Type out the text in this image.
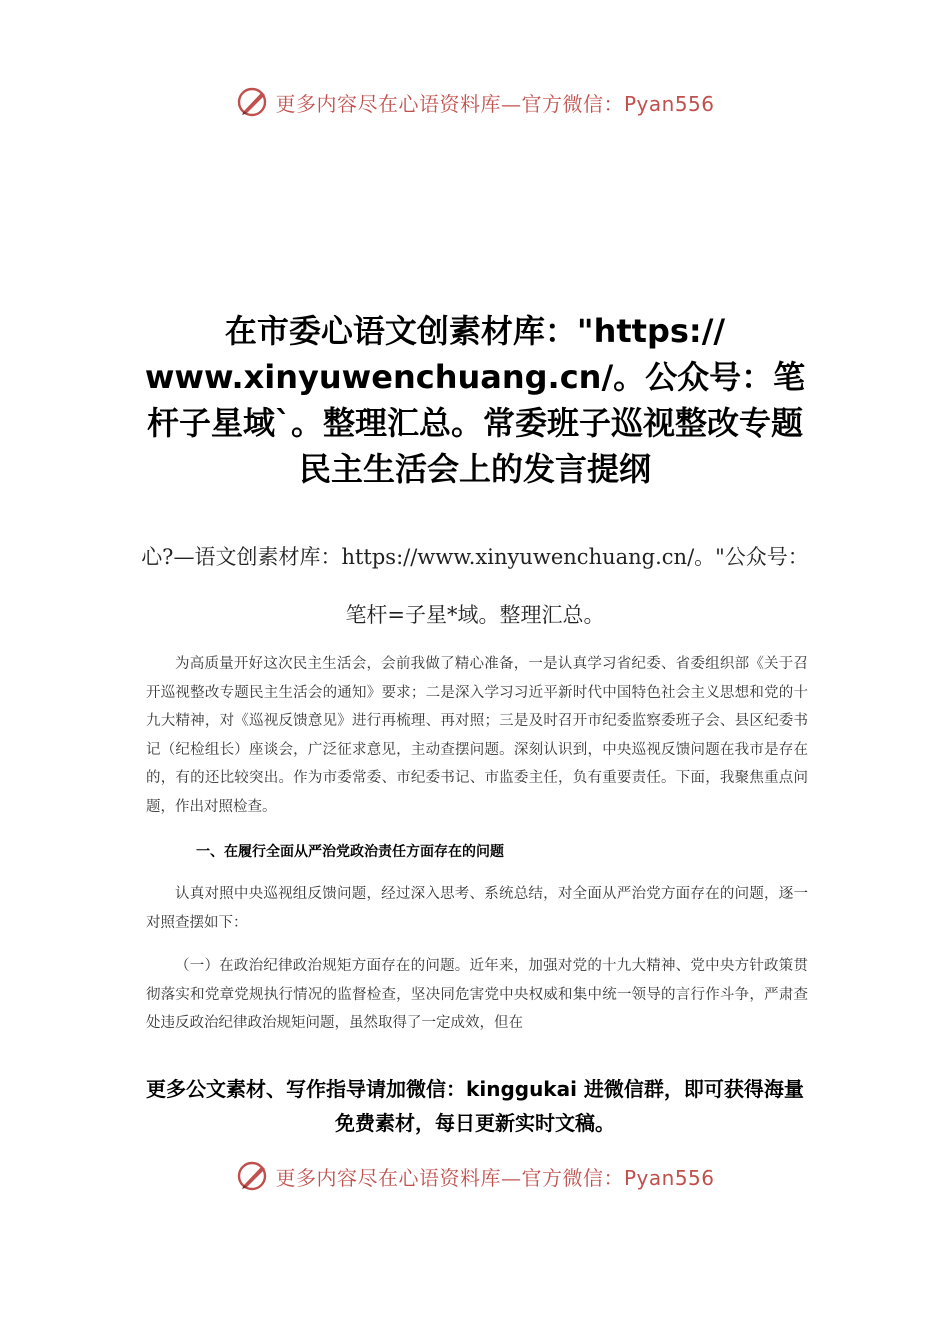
更多内容尽在心语资料库—官方微信：Pyan556
在市委心语文创素材库："https:// www.xinyuwenchuang.cn/。公众号：笔杆子星域`。整理汇总。常委班子巡视整改专题民主生活会上的发言提纲

心?—语文创素材库：https://www.xinyuwenchuang.cn/。"公众号：笔杆=子星*域。整理汇总。

为高质量开好这次民主生活会，会前我做了精心准备，一是认真学习省纪委、省委组织部《关于召开巡视整改专题民主生活会的通知》要求；二是深入学习习近平新时代中国特色社会主义思想和党的十九大精神，对《巡视反馈意见》进行再梳理、再对照；三是及时召开市纪委监察委班子会、县区纪委书记（纪检组长）座谈会，广泛征求意见，主动查摆问题。深刻认识到，中央巡视反馈问题在我市是存在的，有的还比较突出。作为市委常委、市纪委书记、市监委主任，负有重要责任。下面，我聚焦重点问题，作出对照检查。

一、在履行全面从严治党政治责任方面存在的问题

认真对照中央巡视组反馈问题，经过深入思考、系统总结，对全面从严治党方面存在的问题，逐一对照查摆如下：

（一）在政治纪律政治规矩方面存在的问题。近年来，加强对党的十九大精神、党中央方针政策贯彻落实和党章党规执行情况的监督检查，坚决同危害党中央权威和集中统一领导的言行作斗争，严肃查处违反政治纪律政治规矩问题，虽然取得了一定成效，但在

更多公文素材、写作指导请加微信：kinggukai 进微信群，即可获得海量免费素材，每日更新实时文稿。

更多内容尽在心语资料库—官方微信：Pyan556
